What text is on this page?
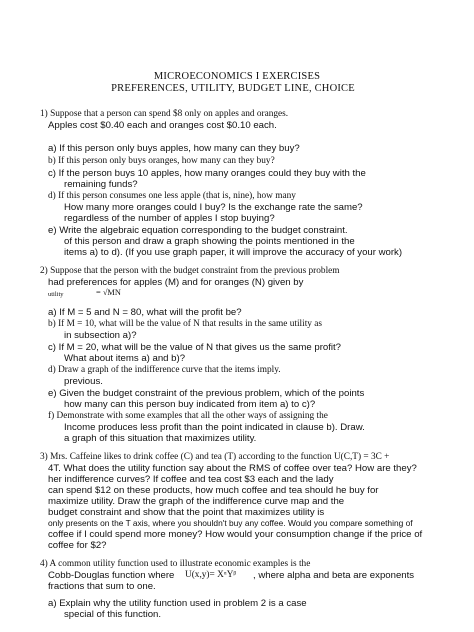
MICROECONOMICS I EXERCISES
PREFERENCES, UTILITY, BUDGET LINE, CHOICE
1) Suppose that a person can spend $8 only on apples and oranges.
Apples cost $0.40 each and oranges cost $0.10 each.
a) If this person only buys apples, how many can they buy?
b) If this person only buys oranges, how many can they buy?
c) If the person buys 10 apples, how many oranges could they buy with the
remaining funds?
d) If this person consumes one less apple (that is, nine), how many
How many more oranges could I buy? Is the exchange rate the same?
regardless of the number of apples I stop buying?
e) Write the algebraic equation corresponding to the budget constraint.
of this person and draw a graph showing the points mentioned in the
items a) to d). (If you use graph paper, it will improve the accuracy of your work)
2) Suppose that the person with the budget constraint from the previous problem
had preferences for apples (M) and for oranges (N) given by
utility	= √MN
a) If M = 5 and N = 80, what will the profit be?
b) If M = 10, what will be the value of N that results in the same utility as
in subsection a)?
c) If M = 20, what will be the value of N that gives us the same profit?
What about items a) and b)?
d) Draw a graph of the indifference curve that the items imply.
previous.
e) Given the budget constraint of the previous problem, which of the points
how many can this person buy indicated from item a) to c)?
f) Demonstrate with some examples that all the other ways of assigning the
Income produces less profit than the point indicated in clause b). Draw.
a graph of this situation that maximizes utility.
3) Mrs. Caffeine likes to drink coffee (C) and tea (T) according to the function U(C,T) = 3C +
4T. What does the utility function say about the RMS of coffee over tea? How are they?
her indifference curves? If coffee and tea cost $3 each and the lady
can spend $12 on these products, how much coffee and tea should he buy for
maximize utility. Draw the graph of the indifference curve map and the
budget constraint and show that the point that maximizes utility is
only presents on the T axis, where you shouldn't buy any coffee. Would you compare something of
coffee if I could spend more money? How would your consumption change if the price of
coffee for $2?
4) A common utility function used to illustrate economic examples is the
Cobb-Douglas function where U(x,y)= XᵅYᵝ , where alpha and beta are exponents
fractions that sum to one.
a) Explain why the utility function used in problem 2 is a case
special of this function.
